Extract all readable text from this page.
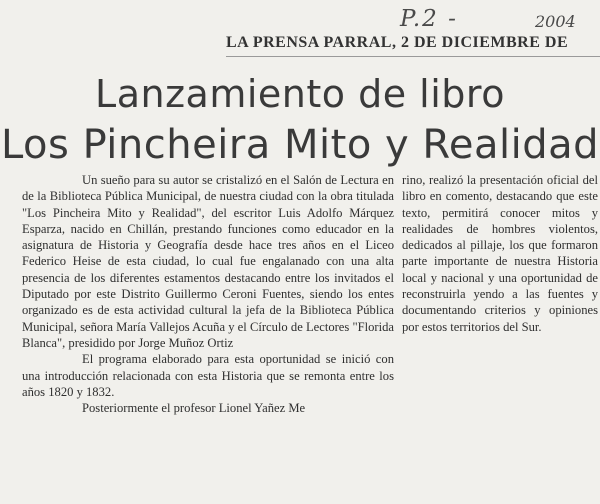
P.2 -	2004
LA PRENSA PARRAL, 2 DE DICIEMBRE DE
Lanzamiento de libro
Los Pincheira Mito y Realidad

Un sueño para su autor se cristalizó en el Salón de Lectura en de la Biblioteca Pública Municipal, de nuestra ciudad con la obra titulada "Los Pincheira Mito y Realidad", del escritor Luis Adolfo Márquez Esparza, nacido en Chillán, prestando funciones como educador en la asignatura de Historia y Geografía desde hace tres años en el Liceo Federico Heise de esta ciudad, lo cual fue engalanado con una alta presencia de los diferentes estamentos destacando entre los invitados el Diputado por este Distrito Guillermo Ceroni Fuentes, siendo los entes organizado es de esta actividad cultural la jefa de la Biblioteca Pública Municipal, señora María Vallejos Acuña y el Círculo de Lectores "Florida Blanca", presidido por Jorge Muñoz Ortiz

El programa elaborado para esta oportunidad se inició con una introducción relacionada con esta Historia que se remonta entre los años 1820 y 1832.

Posteriormente el profesor Lionel Yañez Me

rino, realizó la presentación oficial del libro en comento, destacando que este texto, permitirá conocer mitos y realidades de hombres violentos, dedicados al pillaje, los que formaron parte importante de nuestra Historia local y nacional y una oportunidad de reconstruirla yendo a las fuentes y documentando criterios y opiniones por estos territorios del Sur.
